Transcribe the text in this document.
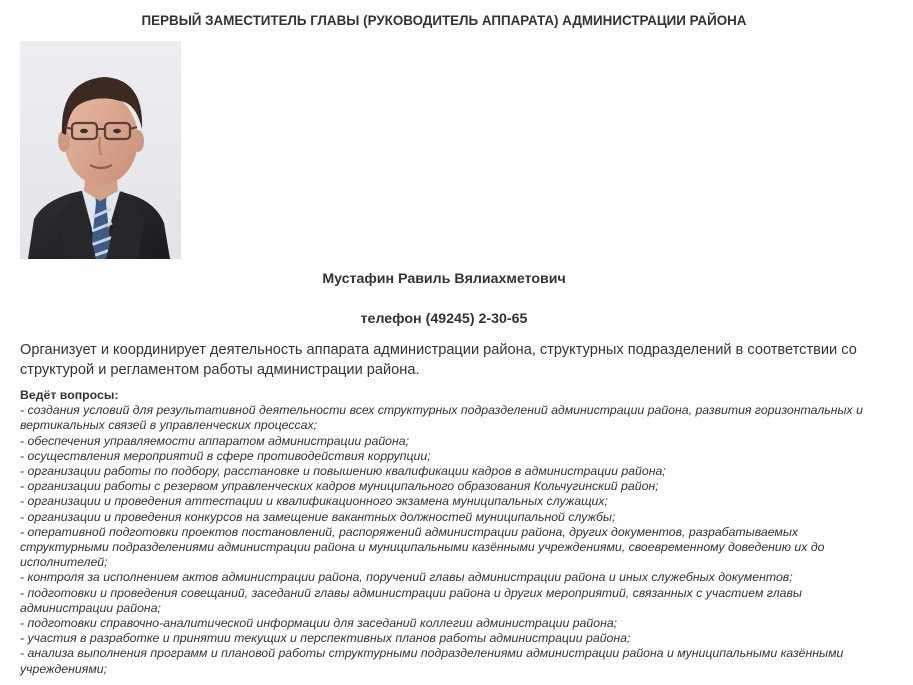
ПЕРВЫЙ ЗАМЕСТИТЕЛЬ ГЛАВЫ (РУКОВОДИТЕЛЬ АППАРАТА) АДМИНИСТРАЦИИ РАЙОНА

Мустафин Равиль Вялиахметович

телефон (49245) 2-30-65

Организует и координирует деятельность аппарата администрации района, структурных подразделений в соответствии со структурой и регламентом работы администрации района.

Ведёт вопросы:
- создания условий для результативной деятельности всех структурных подразделений администрации района, развития горизонтальных и вертикальных связей в управленческих процессах;
- обеспечения управляемости аппаратом администрации района;
- осуществления мероприятий в сфере противодействия коррупции;
- организации работы по подбору, расстановке и повышению квалификации кадров в администрации района;
- организации работы с резервом управленческих кадров муниципального образования Кольчугинский район;
- организации и проведения аттестации и квалификационного экзамена муниципальных служащих;
- организации и проведения конкурсов на замещение вакантных должностей муниципальной службы;
- оперативной подготовки проектов постановлений, распоряжений администрации района, других документов, разрабатываемых структурными подразделениями администрации района и муниципальными казёнными учреждениями, своевременному доведению их до исполнителей;
- контроля за исполнением актов администрации района, поручений главы администрации района и иных служебных документов;
- подготовки и проведения совещаний, заседаний главы администрации района и других мероприятий, связанных с участием главы администрации района;
- подготовки справочно-аналитической информации для заседаний коллегии администрации района;
- участия в разработке и принятии текущих и перспективных планов работы администрации района;
- анализа выполнения программ и плановой работы структурными подразделениями администрации района и муниципальными казёнными учреждениями;
